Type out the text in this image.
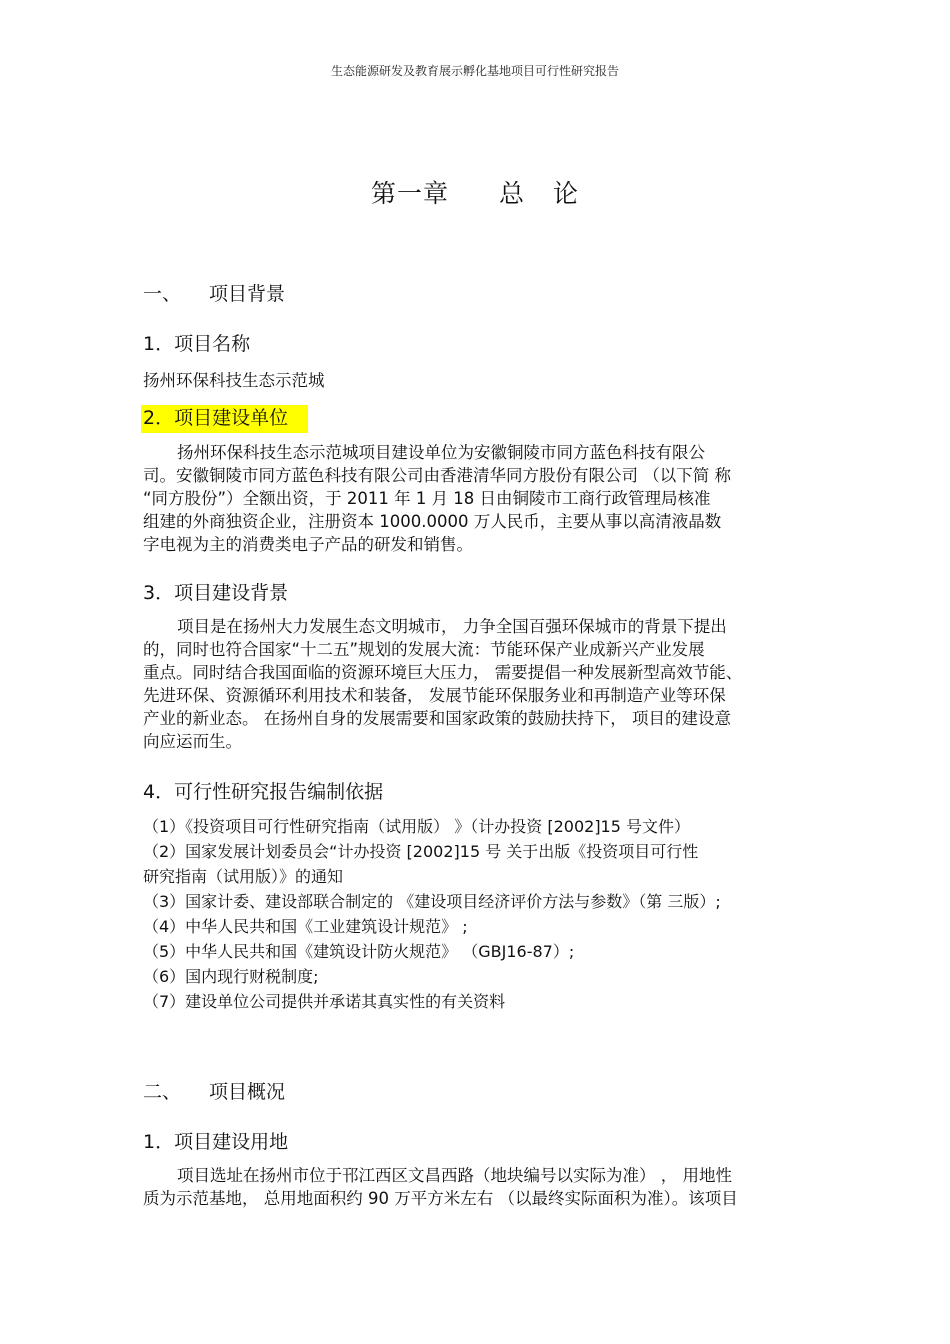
生态能源研发及教育展示孵化基地项目可行性研究报告
第一章 总 论
一、 项目背景
1．项目名称
扬州环保科技生态示范城
2．项目建设单位
扬州环保科技生态示范城项目建设单位为安徽铜陵市同方蓝色科技有限公
司。安徽铜陵市同方蓝色科技有限公司由香港清华同方股份有限公司 （以下简 称
“同方股份”）全额出资，于 2011 年 1 月 18 日由铜陵市工商行政管理局核准
组建的外商独资企业，注册资本 1000.0000 万人民币，主要从事以高清液晶数
字电视为主的消费类电子产品的研发和销售。
3．项目建设背景
项目是在扬州大力发展生态文明城市， 力争全国百强环保城市的背景下提出
的，同时也符合国家“十二五”规划的发展大流：节能环保产业成新兴产业发展
重点。同时结合我国面临的资源环境巨大压力， 需要提倡一种发展新型高效节能、
先进环保、资源循环利用技术和装备， 发展节能环保服务业和再制造产业等环保
产业的新业态。 在扬州自身的发展需要和国家政策的鼓励扶持下， 项目的建设意
向应运而生。
4．可行性研究报告编制依据
（1）《投资项目可行性研究指南（试用版） 》（计办投资 [2002]15 号文件）
（2）国家发展计划委员会“计办投资 [2002]15 号 关于出版《投资项目可行性
研究指南（试用版）》的通知
（3）国家计委、建设部联合制定的 《建设项目经济评价方法与参数》（第 三版）;
（4）中华人民共和国《工业建筑设计规范》 ;
（5）中华人民共和国《建筑设计防火规范》 （GBJ16-87）;
（6）国内现行财税制度;
（7）建设单位公司提供并承诺其真实性的有关资料
二、 项目概况
1．项目建设用地
项目选址在扬州市位于邗江西区文昌西路（地块编号以实际为准） ， 用地性
质为示范基地， 总用地面积约 90 万平方米左右 （以最终实际面积为准）。该项目
